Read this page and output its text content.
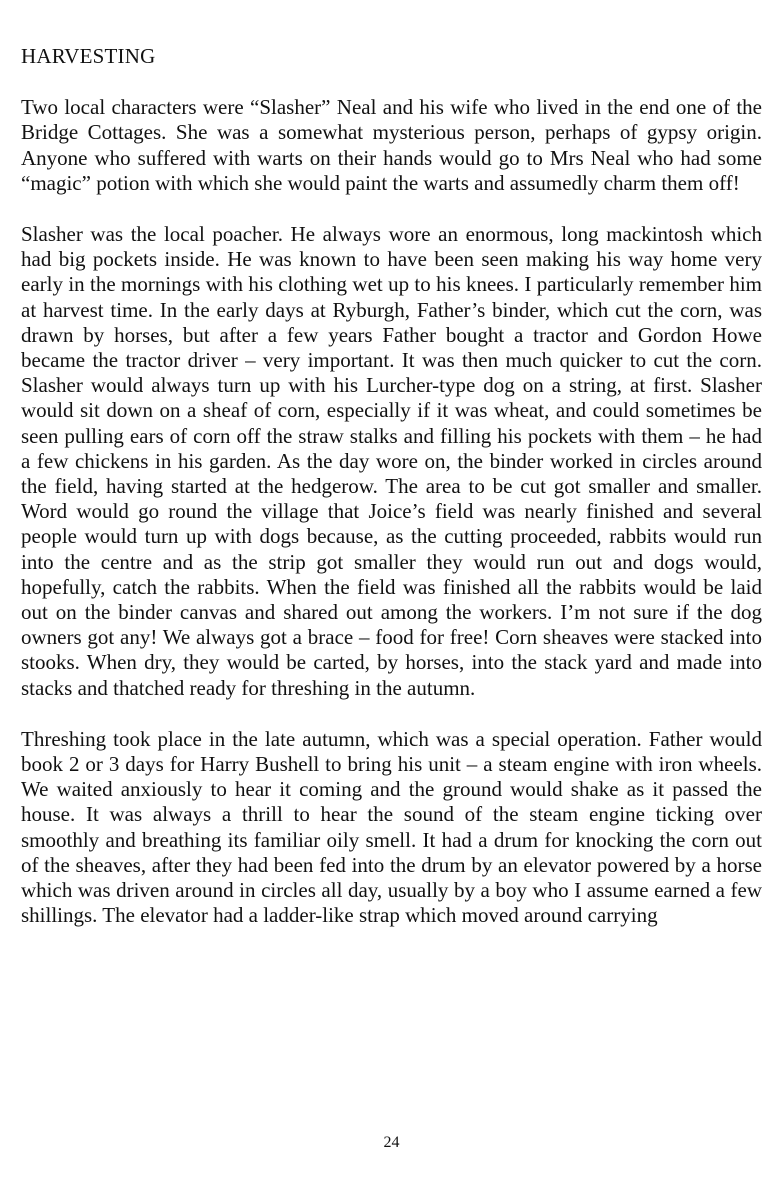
HARVESTING

Two local characters were “Slasher” Neal and his wife who lived in the end one of the Bridge Cottages. She was a somewhat mysterious person, perhaps of gypsy origin. Anyone who suffered with warts on their hands would go to Mrs Neal who had some “magic” potion with which she would paint the warts and assumedly charm them off!

Slasher was the local poacher. He always wore an enormous, long mackintosh which had big pockets inside. He was known to have been seen making his way home very early in the mornings with his clothing wet up to his knees. I particularly remember him at harvest time. In the early days at Ryburgh, Father’s binder, which cut the corn, was drawn by horses, but after a few years Father bought a tractor and Gordon Howe became the tractor driver – very important. It was then much quicker to cut the corn. Slasher would always turn up with his Lurcher-type dog on a string, at first. Slasher would sit down on a sheaf of corn, especially if it was wheat, and could sometimes be seen pulling ears of corn off the straw stalks and filling his pockets with them – he had a few chickens in his garden. As the day wore on, the binder worked in circles around the field, having started at the hedgerow. The area to be cut got smaller and smaller. Word would go round the village that Joice’s field was nearly finished and several people would turn up with dogs because, as the cutting proceeded, rabbits would run into the centre and as the strip got smaller they would run out and dogs would, hopefully, catch the rabbits. When the field was finished all the rabbits would be laid out on the binder canvas and shared out among the workers. I’m not sure if the dog owners got any! We always got a brace – food for free! Corn sheaves were stacked into stooks. When dry, they would be carted, by horses, into the stack yard and made into stacks and thatched ready for threshing in the autumn.

Threshing took place in the late autumn, which was a special operation. Father would book 2 or 3 days for Harry Bushell to bring his unit – a steam engine with iron wheels. We waited anxiously to hear it coming and the ground would shake as it passed the house. It was always a thrill to hear the sound of the steam engine ticking over smoothly and breathing its familiar oily smell. It had a drum for knocking the corn out of the sheaves, after they had been fed into the drum by an elevator powered by a horse which was driven around in circles all day, usually by a boy who I assume earned a few shillings. The elevator had a ladder-like strap which moved around carrying

24
